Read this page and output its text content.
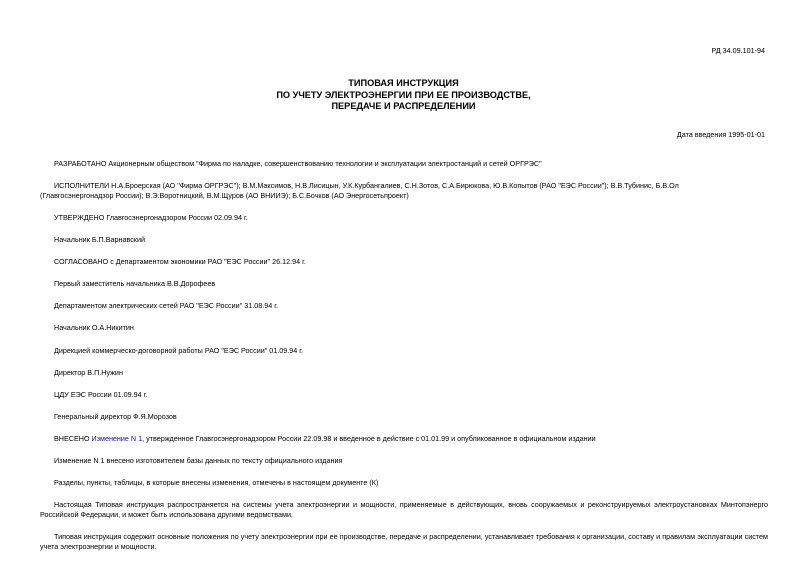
РД 34.09.101-94
ТИПОВАЯ ИНСТРУКЦИЯ
ПО УЧЕТУ ЭЛЕКТРОЭНЕРГИИ ПРИ ЕЕ ПРОИЗВОДСТВЕ,
ПЕРЕДАЧЕ И РАСПРЕДЕЛЕНИИ
Дата введения 1995-01-01

РАЗРАБОТАНО Акционерным обществом "Фирма по наладке, совершенствованию технологии и эксплуатации электростанций и сетей ОРГРЭС"

ИСПОЛНИТЕЛИ Н.А.Броерская (АО "Фирма ОРГРЭС"); В.М.Максимов, Н.В.Лисицын, У.К.Курбангалиев, С.Н.Зотов, С.А.Бирюкова, Ю.В.Копытов (РАО "ЕЭС России"); В.В.Тубинис, Б.В.Ол

(Главгосэнергонадзор России); В.Э.Воротницкий, В.М.Щуров (АО ВНИИЭ); Б.С.Бочков (АО Энергосетьпроект)

УТВЕРЖДЕНО Главгосэнергонадзором России 02.09.94 г.

Начальник Б.П.Варнавский

СОГЛАСОВАНО с Департаментом экономики РАО "ЕЭС России" 26.12.94 г.

Первый заместитель начальника В.В.Дорофеев

Департаментом электрических сетей РАО "ЕЭС России" 31.08.94 г.

Начальник О.А.Никитин

Дирекцией коммерческо-договорной работы РАО "ЕЭС России" 01.09.94 г.

Директор В.П.Нужин

ЦДУ ЕЭС России 01.09.94 г.

Генеральный директор Ф.Я.Морозов

ВНЕСЕНО Изменение N 1, утвержденное Главгосэнергонадзором России 22.09.98 и введенное в действие с 01.01.99 и опубликованное в официальном издании

Изменение N 1 внесено изготовителем базы данных по тексту официального издания

Разделы, пункты, таблицы, в которые внесены изменения, отмечены в настоящем документе (К)

Настоящая Типовая инструкция распространяется на системы учета электроэнергии и мощности, применяемые в действующих, вновь сооружаемых и реконструируемых электроустановках Минтопэнерго Российской Федерации, и может быть использована другими ведомствами.

Типовая инструкция содержит основные положения по учету электроэнергии при ее производстве, передаче и распределении, устанавливает требования к организации, составу и правилам эксплуатации систем учета электроэнергии и мощности.
